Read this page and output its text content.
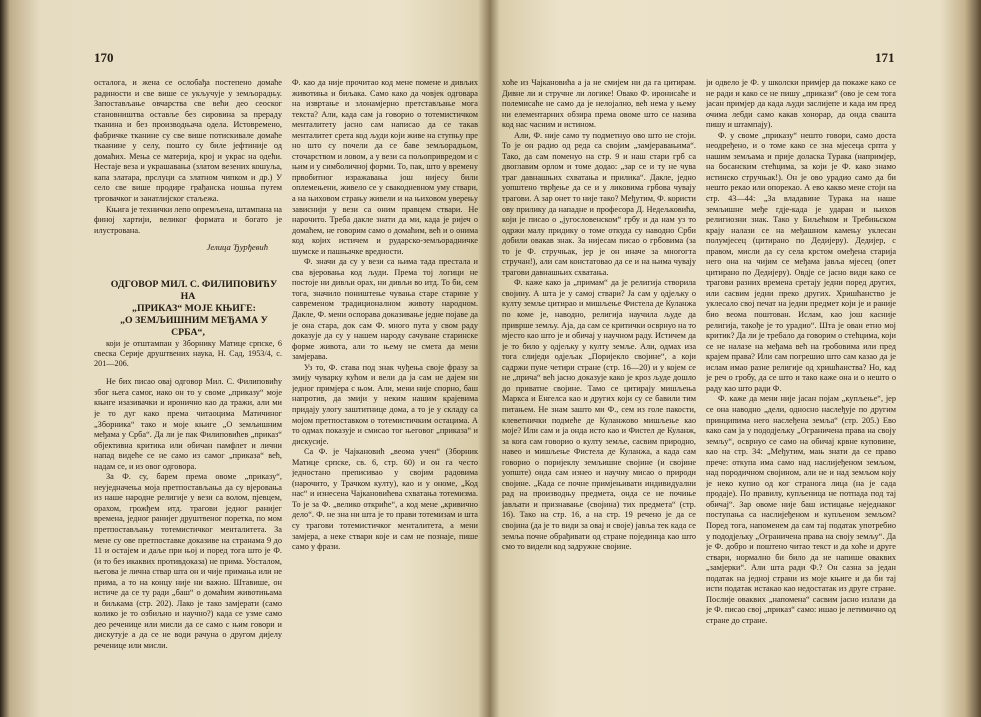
170

осталога, и жена се ослобађа постепено домаће радиности и све више се укључује у земљорадњу. Запостављање овчарства све већи део сеоског становништва оставље без сировина за прераду тканина и без производњача одела. Истовремено, фабричке тканине су све више потискивале домаће ткаанине у селу, пошто су биле јефтиније од домаћих. Мења се материја, крој и украс на одећи. Нестаје веза и украшавања (златом везених кошуља, капа златара, прслуци са златном чипком и др.) У село све више продире грађанска ношња путем трговачког и занатлијског стаљежа.

Књига је технички лепо опремљена, штампана на финој хартији, великог формата и богато је илустрована.

Јелица Ђурђевић

ОДГОВОР МИЛ. С. ФИЛИПОВИЋУ НА

„ПРИКАЗ“ МОЈЕ КЊИГЕ:

„О ЗЕМЉИШНИМ МЕЂАМА У СРБА“,

који је отштампан у Зборнику Матице српске, 6 свеска Серије друштвених наука, Н. Сад, 1953/4, с. 201—206.

Не бих писао овај одговор Мил. С. Филиповићу због њега самог, иако он то у своме „приказу“ моје књиге изазивачки и иронично као да тражи, али ми је то дуг како према читаоцима Матичиног „Зборника“ тако и моје књиге „О земљишним међама у Срба“. Да ли је пак Филиповићев „приказ“ објективна критика или обичан памфлет и лични напад видеће се не само из самог „приказа“ већ, надам се, и из овог одговора.

За Ф. су, барем према овоме „приказу“, неуједначења моја претпостављања да су вјеровања из наше народне религије у вези са волом, пјевцем, орахом, грожђем итд. трагови једног ранијег времена, једног ранијег друштвеног поретка, по мом претпостављању тотемистичког менталитета. За мене су ове претпоставке доказиве на странама 9 до 11 и остајем и даље при њој и поред тога што је Ф. (и то без икаквих противдоказа) не прима. Уосталом, његова је лична ствар шта он и чије примања или не прима, а то на концу није ни важно. Штавише, он истиче да се ту ради „баш“ о домаћим животињама и биљкама (стр. 202). Лако је тако замјерати (само колико је то озбиљно и научно?) када се узме само део реченице или мисли да се само с њим говори и дискутује а да се не води рачуна о другом дијелу реченице или мисли.

Ф. као да није прочитао код мене помене и дивљих животиња и биљака. Само како да човјек одговара на извртање и злонамјерно претстављање мога текста? Али, када сам ја говорио о тотемистичком менталитету јасно сам написао да се такав менталитет срета код људи који живе на ступњу пре но што су почели да се баве земљорадњом, сточарством и ловом, а у вези са пољопривредом и с њим и у симболичној форми. То, пак, што у времену првобитног изражавања још нијесу били оплемењени, живело се у свакодневном уму ствари, а на њиховом стрању живели и на њиховом уверењу зависнији у вези са оним правцем ствари. Не нарочито. Треба дакле знати да ми, када је ријеч о домаћем, не говорим само о домаћим, већ и о онима код којих истичем и рударско-земљорадничке шумске и пашњачке вредности.

Ф. значи да су у вези са њима тада престала и сва вјеровања код људи. Према тој логици не постоје ни дивљи орах, ни дивљи во итд. То би, сем тога, значило поништење чувања старе старине у савременом традиционалном животу народном. Дакле, Ф. мени оспорава доказивање једне појаве да је она стара, док сам Ф. много пута у свом раду доказује да су у нашем народу сачуване старинске форме живота, али то њему не смета да мени замјерава.

Уз то, Ф. става под знак чуђења своје фразу за змију чуварку кућом и вели да ја сам не дајем ни једног примјера с њом. Али, мени није спорно, баш напротив, да змији у неким нашим крајевима придају улогу заштитнице дома, а то је у складу са мојом претпоставком о тотемистичким остацима. А то одмах показује и смисао тог његовог „приказа“ и дискусије.

Са Ф. је Чајкановић „веома учен“ (Зборник Матице српске, св. 6, стр. 60) и он га често једностано преписивао у својим радовима (нарочито, у Трачком култу), као и у ономе, „Код нас“ и изнесена Чајкановићева схватања тотемизма. То је за Ф. „велико откриће“, а код мене „кривично дело“. Ф. не зна ни шта је то прави тотемизам и шта су трагови тотемистичког менталитета, а мени замјера, а неке ствари које и сам не познаје, пише само у фрази.

171

хоће из Чајкановића а ја не смијем ни да га цитирам. Дивне ли и стручне ли логике! Овако Ф. иронисаће и полемисаће не само да је нелојално, већ нема у њему ни елементарних обзира према овоме што се назива код нас часним и истином.

Али, Ф. није само ту подметнуо ово што не стоји. То је он радио од реда са својим „замјеравањима“. Тако, да сам поменуо на стр. 9 и наш стари грб са двоглавим орлом и томе додао: „зар се и ту не чува траг давнашњих схватања и прилика“. Дакле, једно уопштено тврђење да се и у ликовима грбова чувају трагови. А зар онет то није тако? Међутим, Ф. користи ову прилику да нападне и професора Д. Недељковића, који је писао о „југословенском“ грбу и да нам уз то одржи малу придику о томе откуда су наводно Срби добили овакав знак. За нијесам писао о грбовима (за то је Ф. стручњак, јер је он иначе за многогта стручан!), али сам констатовао да се и на њима чувају трагови давнашњих схватања.

Ф. каже како ја „примам“ да је религија створила својину. А шта је у самој ствари? Ја сам у одјељку о култу земље цитирао и мишљење Фистела де Куланжа по коме је, наводно, религија научила људе да приврше земљу. Аја, да сам се критички осврнуо на то мјесто као што је и обичај у научном раду. Истичем да је то било у одјељку у култу земље. Али, одмах иза тога слиједи одјељак „Поријекло својине“, а који садржи пуне четири стране (стр. 16—20) и у којем се не „прича“ већ јасно доказује како је кроз људе дошло до приватне својине. Тамо се цитирају мишљења Маркса и Енгелса као и других који су се бавили тим питањем. Не знам зашто ми Ф., сем из голе пакости, клеветнички подмеће де Куланжово мишљење као моје? Или сам и ја онда исто као и Фистел де Куланж, за кога сам говорио о култу земље, сасвим природно, навео и мишљење Фистела де Куланжа, а када сам говорио о поријеклу земљишне својине (и својине уопште) онда сам изнео и научну мисао о природи својине. „Када се почне примјењивати индивидуални рад на производњу предмета, онда се не почиње јављати и признавање (својина) тих предмета“ (стр. 16). Тако на стр. 16, а на стр. 19 речено је да се својина (да је то види за овај и своје) јавља тек када се земља почне обрађивати од стране појединца као што смо то видели код задружне својине.

ји одвело је Ф. у школски примјер да покаже како се не ради и како се не пишу „прикази“ (ово је сем тога јасан примјер да када људи заслијепе и када им пред очима лебди само какав хонорар, да онда свашта пишу и штампају).

Ф. у своме „приказу“ нешто говори, само доста неодређено, и о томе како се зна мјесеца српта у нашим земљама и прије доласка Турака (напримјер, на босанским стећцима, за који је Ф. како знамо истинско стручњак!). Он је ово урадио само да би нешто рекао или опорекао. А ево какво мене стоји на стр. 43—44: „За владавине Турака на наше земљишне међе гдје-када је ударан и њихов религиозни знак. Тако у Биљећком и Требињском крају налази се на међашном камењу уклесан полумјесец (цитирано по Дедијеру). Дедијер, с правом, мисли да су села крстом омеђена старија него она на чијим се међама јавља мјесец (опет цитирано по Дедијеру). Овдје се јасно види како се трагови разних времена сретају једни поред других, или сасвим једни преко других. Хришћанство је уклесало свој печат на једни предмет који је и раније био веома поштован. Ислам, као још касније религија, такође је то урадио“. Шта је ован етно мој критик? Да ли је требало да говорим о стећцима, који се не налазе на међама већ на гробовима или пред крајем права? Или сам погрешио што сам казао да је ислам имао разне религије од хришћанства? Но, кад је реч о гробу, да се што и тако каже она и о нешто о раду као што ради Ф.

Ф. каже да мени није јасан појам „купљење“, јер се она наводно „дели, односно наслеђује по другим принципима него наслеђена земља“ (стр. 205.) Ево како сам ја у пододјељку „Ограничена права на своју земљу“, осврнуо се само на обичај крвне куповине, као на стр. 34: „Међутим, мањ знати да се право прече: откупа има само над наслијеђеном земљом, над породичном својином, али не и над земљом коју је неко купио од ког странога лица (на је сада продаје). По правилу, купљеница не потпада под тај обичај“. Зар овоме није баш истицање неједнаког поступања са наслијеђеном и купљеном земљом? Поред тога, напоменем да сам тај податак употребио у пододјељку „Ограничена права на своју земљу“. Да је Ф. добро и поштено читао текст и да хоће и друге ствари, нормално би било да не напише оваквих „замјерки“. Али шта ради Ф.? Он сазна за један податак на једној страни из моје књиге и да би тај исти податак истакао као недостатак из друге стране. Послије оваквих „напомена“ сасвим јасно излази да је Ф. писао свој „приказ“ само: ишао је летимично од стране до стране.
